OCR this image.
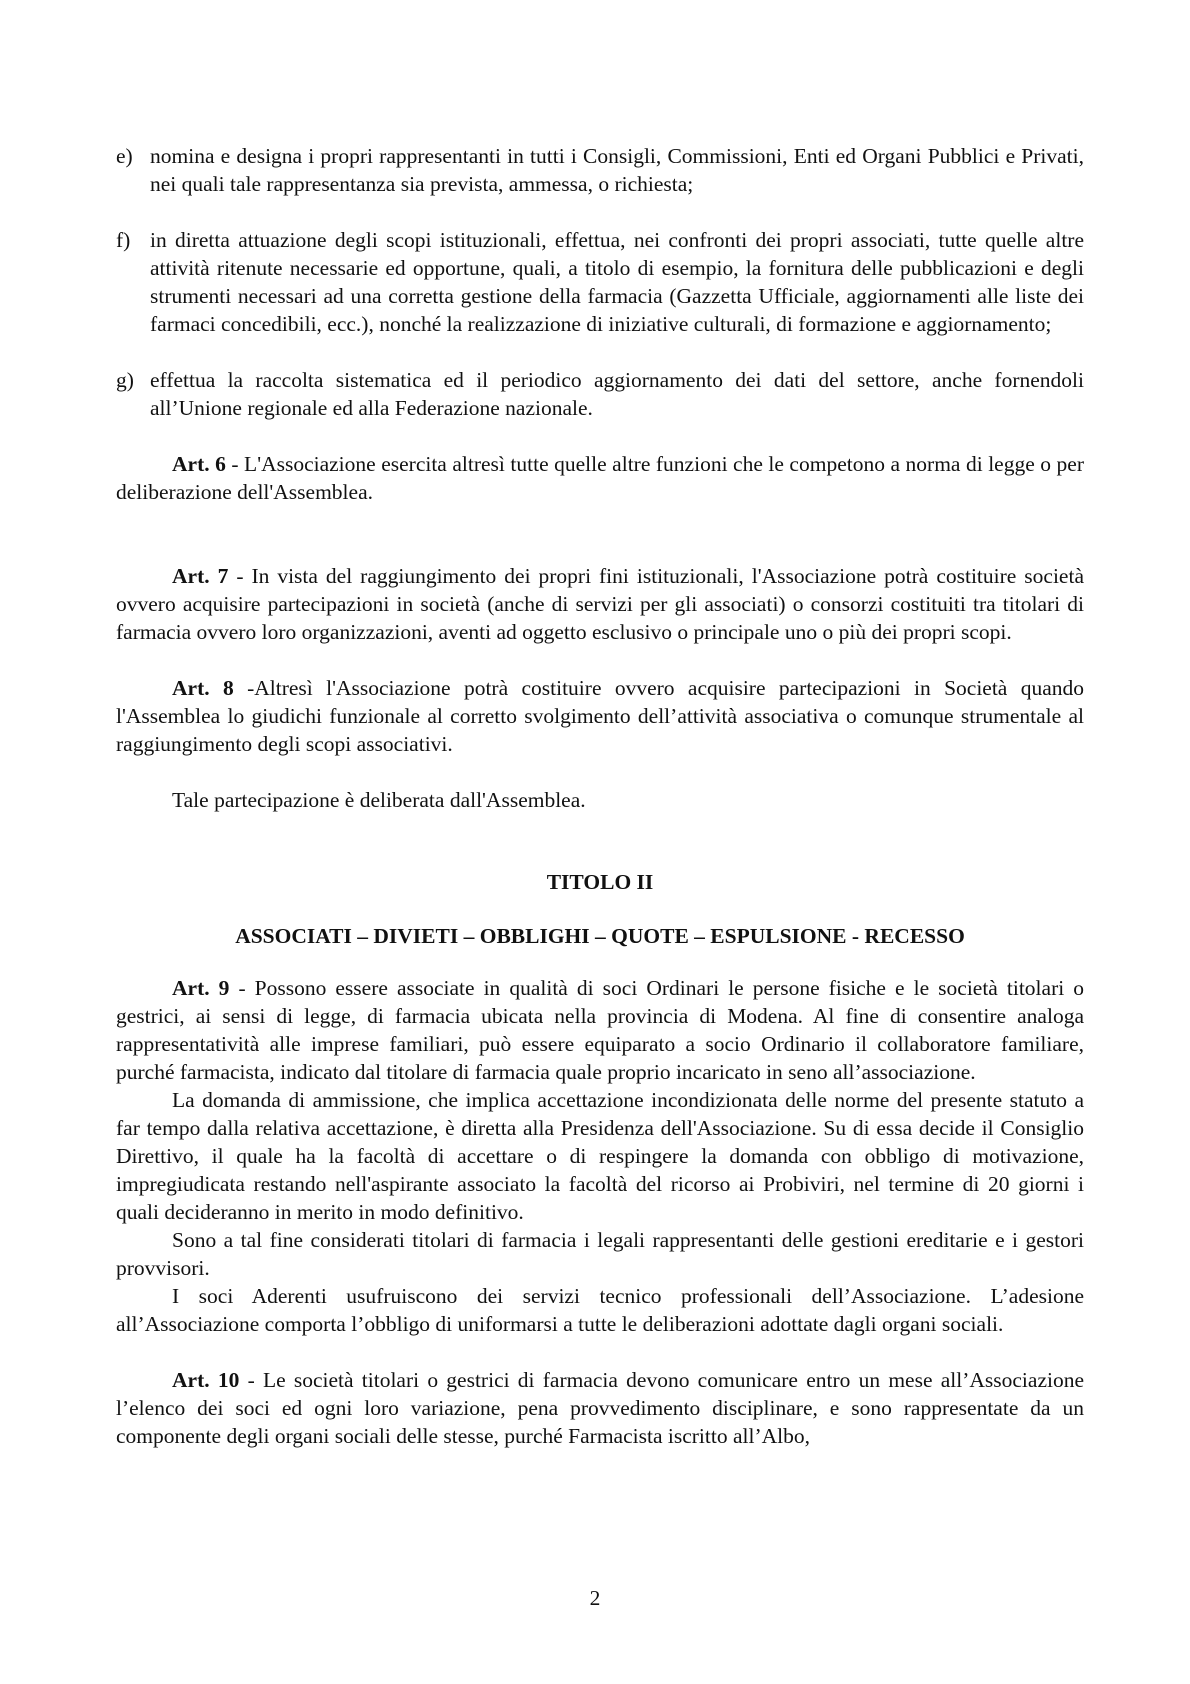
e) nomina e designa i propri rappresentanti in tutti i Consigli, Commissioni, Enti ed Organi Pubblici e Privati, nei quali tale rappresentanza sia prevista, ammessa, o richiesta;
f) in diretta attuazione degli scopi istituzionali, effettua, nei confronti dei propri associati, tutte quelle altre attività ritenute necessarie ed opportune, quali, a titolo di esempio, la fornitura delle pubblicazioni e degli strumenti necessari ad una corretta gestione della farmacia (Gazzetta Ufficiale, aggiornamenti alle liste dei farmaci concedibili, ecc.), nonché la realizzazione di iniziative culturali, di formazione e aggiornamento;
g) effettua la raccolta sistematica ed il periodico aggiornamento dei dati del settore, anche fornendoli all’Unione regionale ed alla Federazione nazionale.

Art. 6 - L'Associazione esercita altresì tutte quelle altre funzioni che le competono a norma di legge o per deliberazione dell'Assemblea.

Art. 7 - In vista del raggiungimento dei propri fini istituzionali, l'Associazione potrà costituire società ovvero acquisire partecipazioni in società (anche di servizi per gli associati) o consorzi costituiti tra titolari di farmacia ovvero loro organizzazioni, aventi ad oggetto esclusivo o principale uno o più dei propri scopi.

Art. 8 -Altresì l'Associazione potrà costituire ovvero acquisire partecipazioni in Società quando l'Assemblea lo giudichi funzionale al corretto svolgimento dell’attività associativa o comunque strumentale al raggiungimento degli scopi associativi.

Tale partecipazione è deliberata dall'Assemblea.

TITOLO II

ASSOCIATI – DIVIETI – OBBLIGHI – QUOTE – ESPULSIONE - RECESSO

Art. 9 - Possono essere associate in qualità di soci Ordinari le persone fisiche e le società titolari o gestrici, ai sensi di legge, di farmacia ubicata nella provincia di Modena. Al fine di consentire analoga rappresentatività alle imprese familiari, può essere equiparato a socio Ordinario il collaboratore familiare, purché farmacista, indicato dal titolare di farmacia quale proprio incaricato in seno all’associazione.

La domanda di ammissione, che implica accettazione incondizionata delle norme del presente statuto a far tempo dalla relativa accettazione, è diretta alla Presidenza dell'Associazione. Su di essa decide il Consiglio Direttivo, il quale ha la facoltà di accettare o di respingere la domanda con obbligo di motivazione, impregiudicata restando nell'aspirante associato la facoltà del ricorso ai Probiviri, nel termine di 20 giorni i quali decideranno in merito in modo definitivo.

Sono a tal fine considerati titolari di farmacia i legali rappresentanti delle gestioni ereditarie e i gestori provvisori.

I soci Aderenti usufruiscono dei servizi tecnico professionali dell’Associazione. L’adesione all’Associazione comporta l’obbligo di uniformarsi a tutte le deliberazioni adottate dagli organi sociali.

Art. 10 - Le società titolari o gestrici di farmacia devono comunicare entro un mese all’Associazione l’elenco dei soci ed ogni loro variazione, pena provvedimento disciplinare, e sono rappresentate da un componente degli organi sociali delle stesse, purché Farmacista iscritto all’Albo,

2
